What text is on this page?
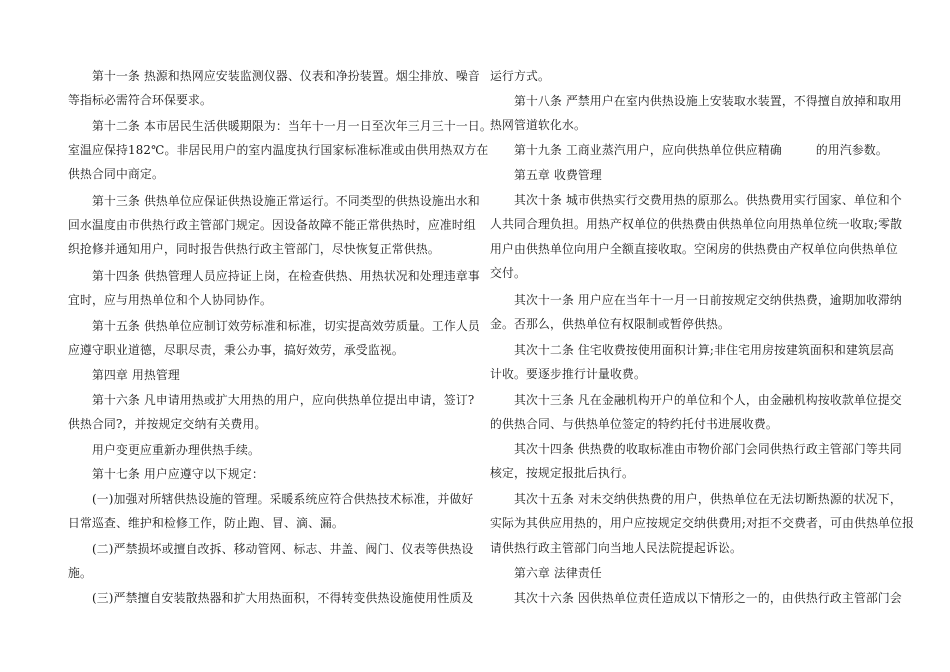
第十一条 热源和热网应安装监测仪器、仪表和净扮装置。烟尘排放、噪音
等指标必需符合环保要求。
第十二条 本市居民生活供暖期限为：当年十一月一日至次年三月三十一日。
室温应保持182℃。非居民用户的室内温度执行国家标准标准或由供用热双方在
供热合同中商定。
第十三条 供热单位应保证供热设施正常运行。不同类型的供热设施出水和
回水温度由市供热行政主管部门规定。因设备故障不能正常供热时，应准时组
织抢修并通知用户，同时报告供热行政主管部门，尽快恢复正常供热。
第十四条 供热管理人员应持证上岗，在检查供热、用热状况和处理违章事
宜时，应与用热单位和个人协同协作。
第十五条 供热单位应制订效劳标准和标准，切实提高效劳质量。工作人员
应遵守职业道德，尽职尽责，秉公办事，搞好效劳，承受监视。
第四章 用热管理
第十六条 凡申请用热或扩大用热的用户，应向供热单位提出申请，签订?
供热合同?，并按规定交纳有关费用。
用户变更应重新办理供热手续。
第十七条 用户应遵守以下规定：
(一)加强对所辖供热设施的管理。采暖系统应符合供热技术标准，并做好
日常巡查、维护和检修工作，防止跑、冒、滴、漏。
(二)严禁损坏或擅自改拆、移动管网、标志、井盖、阀门、仪表等供热设
施。
(三)严禁擅自安装散热器和扩大用热面积，不得转变供热设施使用性质及
运行方式。
第十八条 严禁用户在室内供热设施上安装取水装置，不得擅自放掉和取用
热网管道软化水。
第十九条 工商业蒸汽用户，应向供热单位供应精确	的用汽参数。
第五章 收费管理
其次十条 城市供热实行交费用热的原那么。供热费用实行国家、单位和个
人共同合理负担。用热产权单位的供热费由供热单位向用热单位统一收取;零散
用户由供热单位向用户全额直接收取。空闲房的供热费由产权单位向供热单位
交付。
其次十一条 用户应在当年十一月一日前按规定交纳供热费，逾期加收滞纳
金。否那么，供热单位有权限制或暂停供热。
其次十二条 住宅收费按使用面积计算;非住宅用房按建筑面积和建筑层高
计收。要逐步推行计量收费。
其次十三条 凡在金融机构开户的单位和个人，由金融机构按收款单位提交
的供热合同、与供热单位签定的特约托付书进展收费。
其次十四条 供热费的收取标准由市物价部门会同供热行政主管部门等共同
核定，按规定报批后执行。
其次十五条 对未交纳供热费的用户，供热单位在无法切断热源的状况下，
实际为其供应用热的，用户应按规定交纳供费用;对拒不交费者，可由供热单位报
请供热行政主管部门向当地人民法院提起诉讼。
第六章 法律责任
其次十六条 因供热单位责任造成以下情形之一的，由供热行政主管部门会
